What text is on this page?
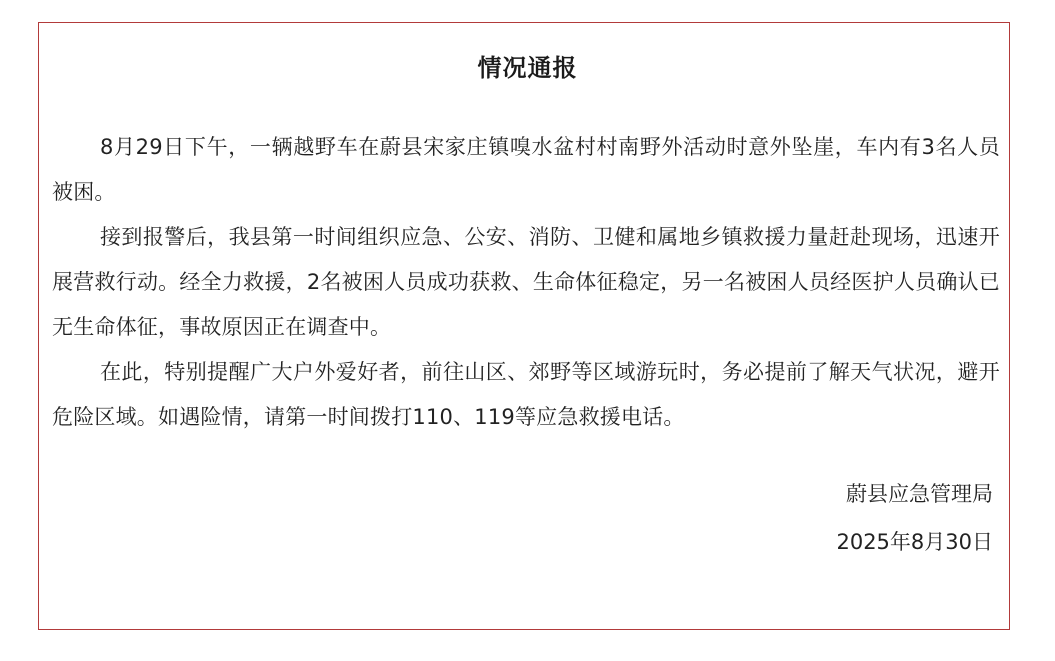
情况通报

8月29日下午，一辆越野车在蔚县宋家庄镇嗅水盆村村南野外活动时意外坠崖，车内有3名人员被困。

接到报警后，我县第一时间组织应急、公安、消防、卫健和属地乡镇救援力量赶赴现场，迅速开展营救行动。经全力救援，2名被困人员成功获救、生命体征稳定，另一名被困人员经医护人员确认已无生命体征，事故原因正在调查中。

在此，特别提醒广大户外爱好者，前往山区、郊野等区域游玩时，务必提前了解天气状况，避开危险区域。如遇险情，请第一时间拨打110、119等应急救援电话。

蔚县应急管理局
2025年8月30日
